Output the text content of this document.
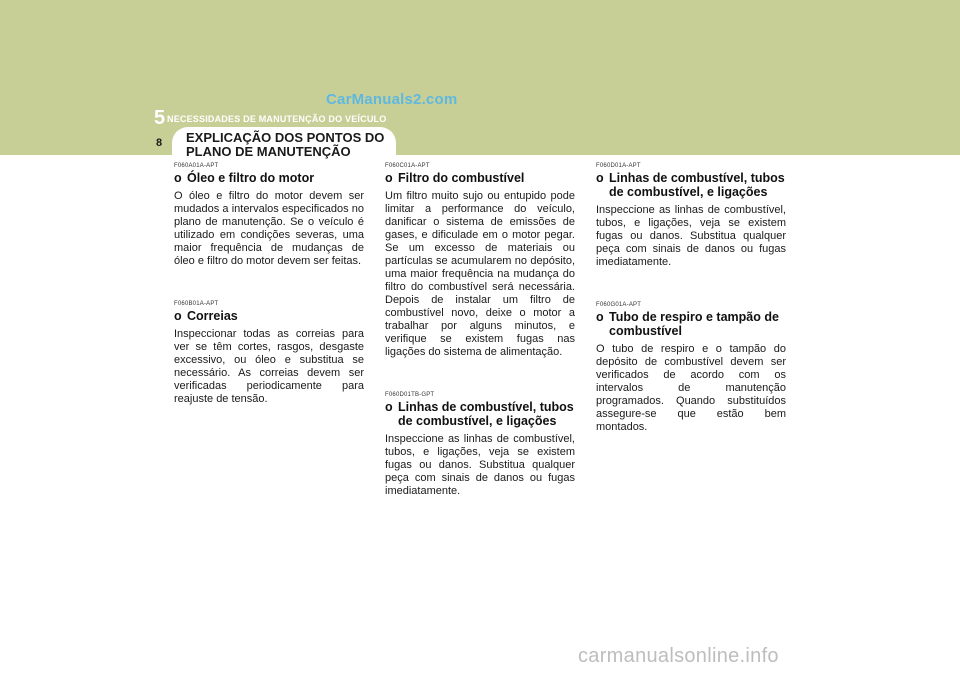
CarManuals2.com
5 NECESSIDADES DE MANUTENÇÃO DO VEÍCULO
8 EXPLICAÇÃO DOS PONTOS DO PLANO DE MANUTENÇÃO
F060A01A-APT
o Óleo e filtro do motor

O óleo e filtro do motor devem ser mudados a intervalos especificados no plano de manutenção. Se o veículo é utilizado em condições severas, uma maior frequência de mudanças de óleo e filtro do motor devem ser feitas.

F060B01A-APT
o Correias

Inspeccionar todas as correias para ver se têm cortes, rasgos, desgaste excessivo, ou óleo e substitua se necessário. As correias devem ser verificadas periodicamente para reajuste de tensão.

F060C01A-APT
o Filtro do combustível

Um filtro muito sujo ou entupido pode limitar a performance do veículo, danificar o sistema de emissões de gases, e dificulade em o motor pegar. Se um excesso de materiais ou partículas se acumularem no depósito, uma maior frequência na mudança do filtro do combustível será necessária. Depois de instalar um filtro de combustível novo, deixe o motor a trabalhar por alguns minutos, e verifique se existem fugas nas ligações do sistema de alimentação.

F060D01TB-GPT
o Linhas de combustível, tubos de combustível, e ligações

Inspeccione as linhas de combustível, tubos, e ligações, veja se existem fugas ou danos. Substitua qualquer peça com sinais de danos ou fugas imediatamente.

F060D01A-APT
o Linhas de combustível, tubos de combustível, e ligações

Inspeccione as linhas de combustível, tubos, e ligações, veja se existem fugas ou danos. Substitua qualquer peça com sinais de danos ou fugas imediatamente.

F060G01A-APT
o Tubo de respiro e tampão de combustível

O tubo de respiro e o tampão do depósito de combustível devem ser verificados de acordo com os intervalos de manutenção programados. Quando substituídos assegure-se que estão bem montados.

carmanualsonline.info
